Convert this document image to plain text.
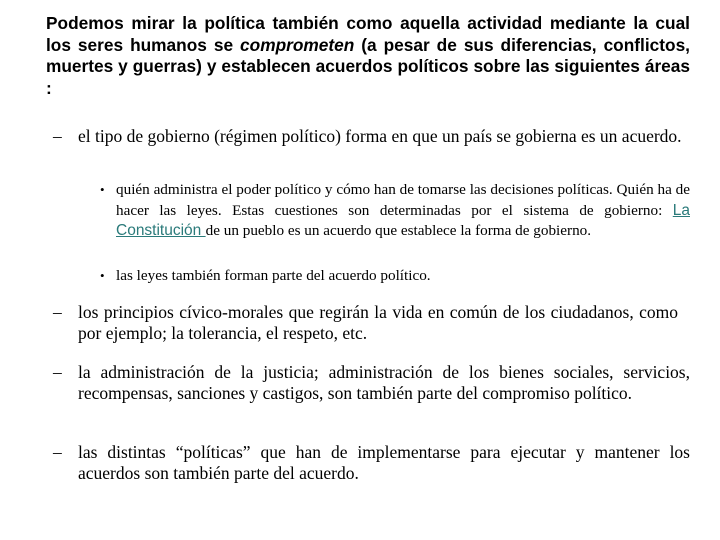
Podemos mirar la política también como aquella actividad mediante la cual los seres humanos se comprometen (a pesar de sus diferencias, conflictos, muertes y guerras) y establecen acuerdos políticos sobre las siguientes áreas :

– el tipo de gobierno (régimen político) forma en que un país se gobierna es un acuerdo.

• quién administra el poder político y cómo han de tomarse las decisiones políticas. Quién ha de hacer las leyes. Estas cuestiones son determinadas por el sistema de gobierno: La Constitución de un pueblo es un acuerdo que establece la forma de gobierno.

• las leyes también forman parte del acuerdo político.

– los principios cívico-morales que regirán la vida en común de los ciudadanos, como por ejemplo; la tolerancia, el respeto, etc.

– la administración de la justicia; administración de los bienes sociales, servicios, recompensas, sanciones y castigos, son también parte del compromiso político.

– las distintas “políticas” que han de implementarse para ejecutar y mantener los acuerdos son también parte del acuerdo.
